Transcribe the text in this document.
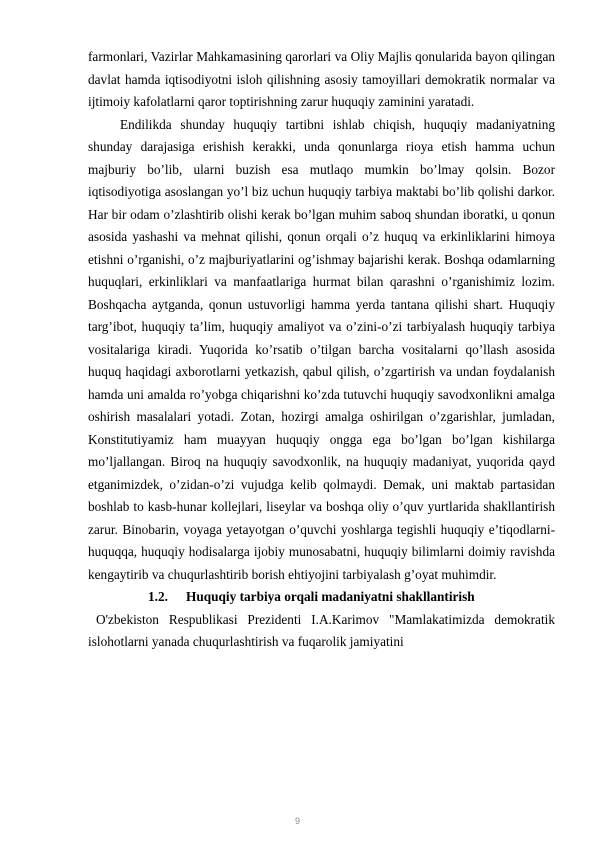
farmonlari, Vazirlar Mahkamasining qarorlari va Oliy Majlis qonularida bayon qilingan davlat hamda iqtisodiyotni isloh qilishning asosiy tamoyillari demokratik normalar va ijtimoiy kafolatlarni qaror toptirishning zarur huquqiy zaminini yaratadi.

Endilikda shunday huquqiy tartibni ishlab chiqish, huquqiy madaniyatning shunday darajasiga erishish kerakki, unda qonunlarga rioya etish hamma uchun majburiy bo’lib, ularni buzish esa mutlaqo mumkin bo’lmay qolsin. Bozor iqtisodiyotiga asoslangan yo’l biz uchun huquqiy tarbiya maktabi bo’lib qolishi darkor. Har bir odam o’zlashtirib olishi kerak bo’lgan muhim saboq shundan iboratki, u qonun asosida yashashi va mehnat qilishi, qonun orqali o’z huquq va erkinliklarini himoya etishni o’rganishi, o’z majburiyatlarini og’ishmay bajarishi kerak. Boshqa odamlarning huquqlari, erkinliklari va manfaatlariga hurmat bilan qarashni o’rganishimiz lozim. Boshqacha aytganda, qonun ustuvorligi hamma yerda tantana qilishi shart. Huquqiy targ’ibot, huquqiy ta’lim, huquqiy amaliyot va o’zini-o’zi tarbiyalash huquqiy tarbiya vositalariga kiradi. Yuqorida ko’rsatib o’tilgan barcha vositalarni qo’llash asosida huquq haqidagi axborotlarni yetkazish, qabul qilish, o’zgartirish va undan foydalanish hamda uni amalda ro’yobga chiqarishni ko’zda tutuvchi huquqiy savodxonlikni amalga oshirish masalalari yotadi. Zotan, hozirgi amalga oshirilgan o’zgarishlar, jumladan, Konstitutiyamiz ham muayyan huquqiy ongga ega bo’lgan bo’lgan kishilarga mo’ljallangan. Biroq na huquqiy savodxonlik, na huquqiy madaniyat, yuqorida qayd etganimizdek, o’zidan-o’zi vujudga kelib qolmaydi. Demak, uni maktab partasidan boshlab to kasb-hunar kollejlari, liseylar va boshqa oliy o’quv yurtlarida shakllantirish zarur. Binobarin, voyaga yetayotgan o’quvchi yoshlarga tegishli huquqiy e’tiqodlarni-huquqqa, huquqiy hodisalarga ijobiy munosabatni, huquqiy bilimlarni doimiy ravishda kengaytirib va chuqurlashtirib borish ehtiyojini tarbiyalash g’oyat muhimdir.

1.2. Huquqiy tarbiya orqali madaniyatni shakllantirish

O'zbekiston Respublikasi Prezidenti I.A.Karimov "Mamlakatimizda demokratik islohotlarni yanada chuqurlashtirish va fuqarolik jamiyatini

9
